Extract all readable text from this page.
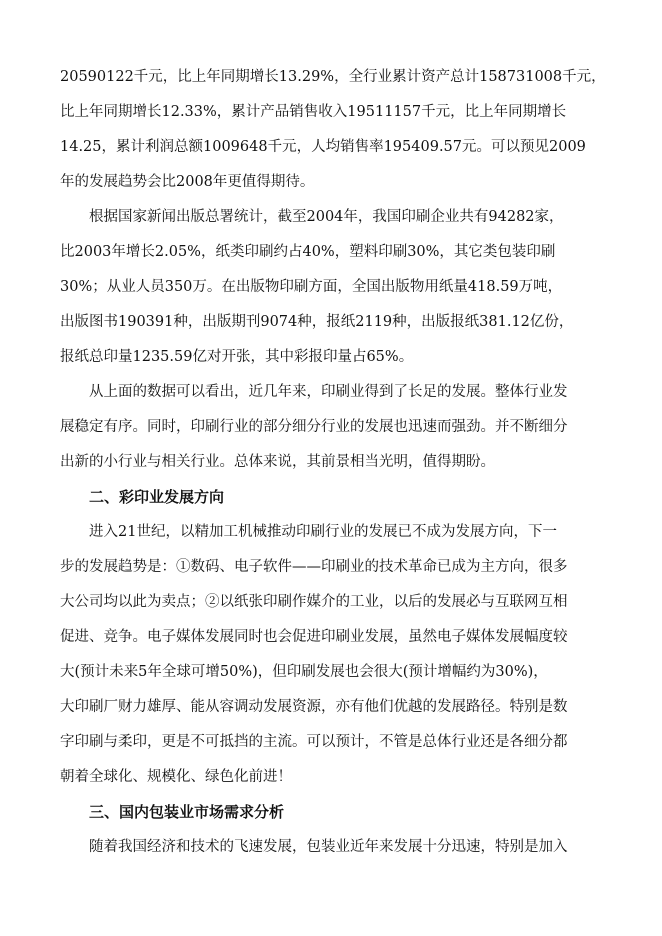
20590122千元，比上年同期增长13.29%，全行业累计资产总计158731008千元，
比上年同期增长12.33%，累计产品销售收入19511157千元，比上年同期增长
14.25，累计利润总额1009648千元，人均销售率195409.57元。可以预见2009
年的发展趋势会比2008年更值得期待。
根据国家新闻出版总署统计，截至2004年，我国印刷企业共有94282家，
比2003年增长2.05%，纸类印刷约占40%，塑料印刷30%，其它类包装印刷
30%；从业人员350万。在出版物印刷方面，全国出版物用纸量418.59万吨，
出版图书190391种，出版期刊9074种，报纸2119种，出版报纸381.12亿份，
报纸总印量1235.59亿对开张，其中彩报印量占65%。
从上面的数据可以看出，近几年来，印刷业得到了长足的发展。整体行业发
展稳定有序。同时，印刷行业的部分细分行业的发展也迅速而强劲。并不断细分
出新的小行业与相关行业。总体来说，其前景相当光明，值得期盼。
二、彩印业发展方向
进入21世纪，以精加工机械推动印刷行业的发展已不成为发展方向，下一
步的发展趋势是：①数码、电子软件——印刷业的技术革命已成为主方向，很多
大公司均以此为卖点；②以纸张印刷作媒介的工业，以后的发展必与互联网互相
促进、竞争。电子媒体发展同时也会促进印刷业发展，虽然电子媒体发展幅度较
大(预计未来5年全球可增50%)，但印刷发展也会很大(预计增幅约为30%)，
大印刷厂财力雄厚、能从容调动发展资源，亦有他们优越的发展路径。特别是数
字印刷与柔印，更是不可抵挡的主流。可以预计，不管是总体行业还是各细分都
朝着全球化、规模化、绿色化前进！
三、国内包装业市场需求分析
随着我国经济和技术的飞速发展，包装业近年来发展十分迅速，特别是加入
